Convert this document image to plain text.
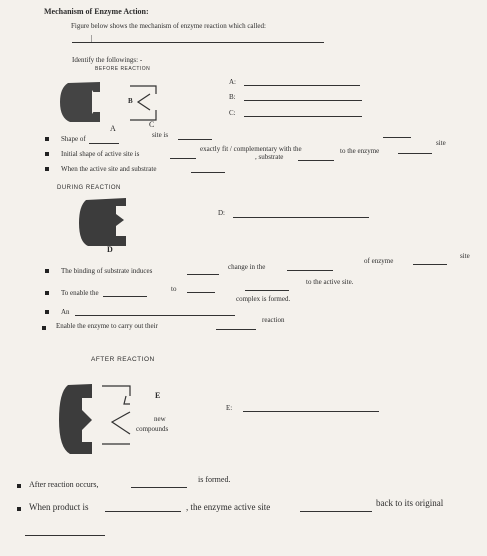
Mechanism of Enzyme Action:
Figure below shows the mechanism of enzyme reaction which called:
|
Identify the followings: -
BEFORE REACTION
B
A	C
A:
B:
C:
Shape of	site is
Initial shape of active site is
exactly fit / complementary with the
site
When the active site and substrate
, substrate
to the enzyme
DURING REACTION
D
D:
The binding of substrate induces	change in the
of enzyme
site
To enable the	to
to the active site.
An
complex is formed.
Enable the enzyme to carry out their
reaction
AFTER REACTION
E
new
compounds
E:
After reaction occurs,
is formed.
When product is	, the enzyme active site	back to its original
